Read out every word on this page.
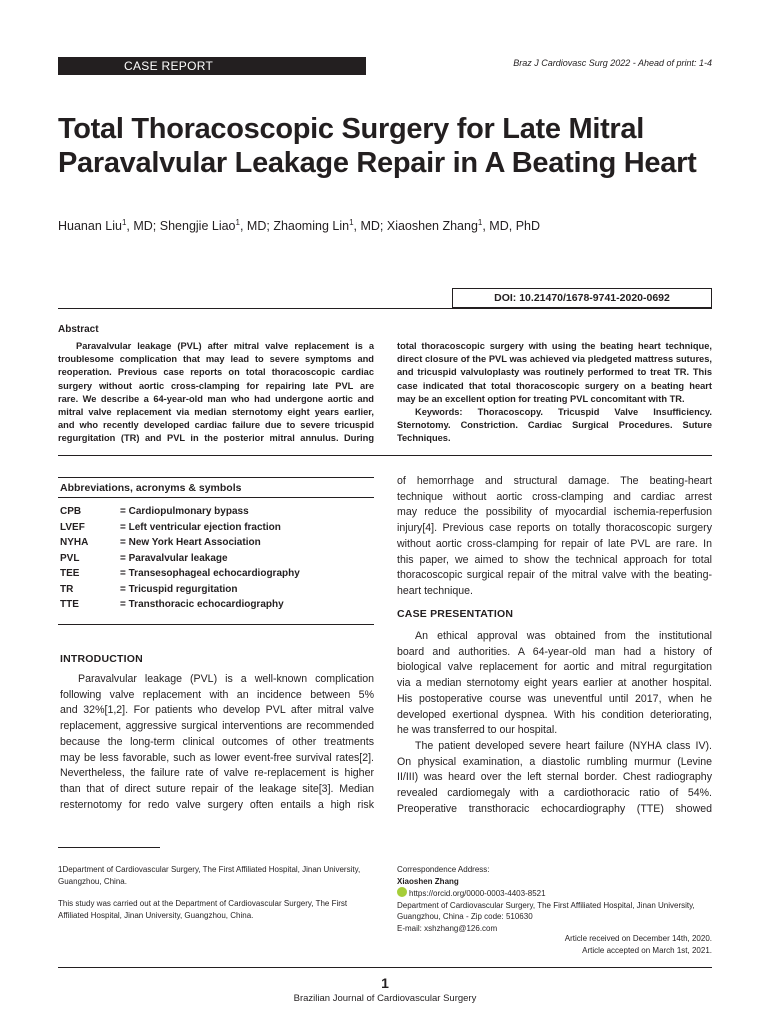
CASE REPORT	Braz J Cardiovasc Surg 2022 - Ahead of print: 1-4
Total Thoracoscopic Surgery for Late Mitral
Paravalvular Leakage Repair in A Beating Heart
Huanan Liu$^1$, MD; Shengjie Liao$^1$, MD; Zhaoming Lin$^1$, MD; Xiaoshen Zhang$^1$, MD, PhD
DOI: 10.21470/1678-9741-2020-0692
Abstract
Paravalvular leakage (PVL) after mitral valve replacement is a
troublesome complication that may lead to severe symptoms and
reoperation. Previous case reports on total thoracoscopic cardiac
surgery without aortic cross-clamping for repairing late PVL are
rare. We describe a 64-year-old man who had undergone aortic and
mitral valve replacement via median sternotomy eight years earlier,
and who recently developed cardiac failure due to severe tricuspid
regurgitation (TR) and PVL in the posterior mitral annulus. During
total thoracoscopic surgery with using the beating heart technique,
direct closure of the PVL was achieved via pledgeted mattress sutures,
and tricuspid valvuloplasty was routinely performed to treat TR. This
case indicated that total thoracoscopic surgery on a beating heart
may be an excellent option for treating PVL concomitant with TR.
Keywords: Thoracoscopy. Tricuspid Valve Insufficiency.
Sternotomy. Constriction. Cardiac Surgical Procedures. Suture
Techniques.
Abbreviations, acronyms & symbols
CPB	= Cardiopulmonary bypass
LVEF	= Left ventricular ejection fraction
NYHA	= New York Heart Association
PVL	= Paravalvular leakage
TEE	= Transesophageal echocardiography
TR	= Tricuspid regurgitation
TTE	= Transthoracic echocardiography
INTRODUCTION

Paravalvular leakage (PVL) is a well-known complication

following valve replacement with an incidence between 5%

and 32%[1,2]. For patients who develop PVL after mitral valve

replacement, aggressive surgical interventions are recommended

because the long-term clinical outcomes of other treatments

may be less favorable, such as lower event-free survival rates[2].

Nevertheless, the failure rate of valve re-replacement is higher

than that of direct suture repair of the leakage site[3]. Median

resternotomy for redo valve surgery often entails a high risk

of hemorrhage and structural damage. The beating-heart

technique without aortic cross-clamping and cardiac arrest

may reduce the possibility of myocardial ischemia-reperfusion

injury[4]. Previous case reports on totally thoracoscopic surgery

without aortic cross-clamping for repair of late PVL are rare. In

this paper, we aimed to show the technical approach for total

thoracoscopic surgical repair of the mitral valve with the beating-

heart technique.

CASE PRESENTATION

An ethical approval was obtained from the institutional

board and authorities. A 64-year-old man had a history of

biological valve replacement for aortic and mitral regurgitation

via a median sternotomy eight years earlier at another hospital.

His postoperative course was uneventful until 2017, when he

developed exertional dyspnea. With his condition deteriorating,

he was transferred to our hospital.

The patient developed severe heart failure (NYHA class IV).

On physical examination, a diastolic rumbling murmur (Levine

II/III) was heard over the left sternal border. Chest radiography

revealed cardiomegaly with a cardiothoracic ratio of 54%.

Preoperative transthoracic echocardiography (TTE) showed

1Department of Cardiovascular Surgery, The First Affiliated Hospital, Jinan University, Guangzhou, China.
This study was carried out at the Department of Cardiovascular Surgery, The First Affiliated Hospital, Jinan University, Guangzhou, China.
Correspondence Address:
Xiaoshen Zhang
https://orcid.org/0000-0003-4403-8521
Department of Cardiovascular Surgery, The First Affiliated Hospital, Jinan University,
Guangzhou, China - Zip code: 510630
E-mail: xshzhang@126.com
Article received on December 14th, 2020.
Article accepted on March 1st, 2021.
1
Brazilian Journal of Cardiovascular Surgery
